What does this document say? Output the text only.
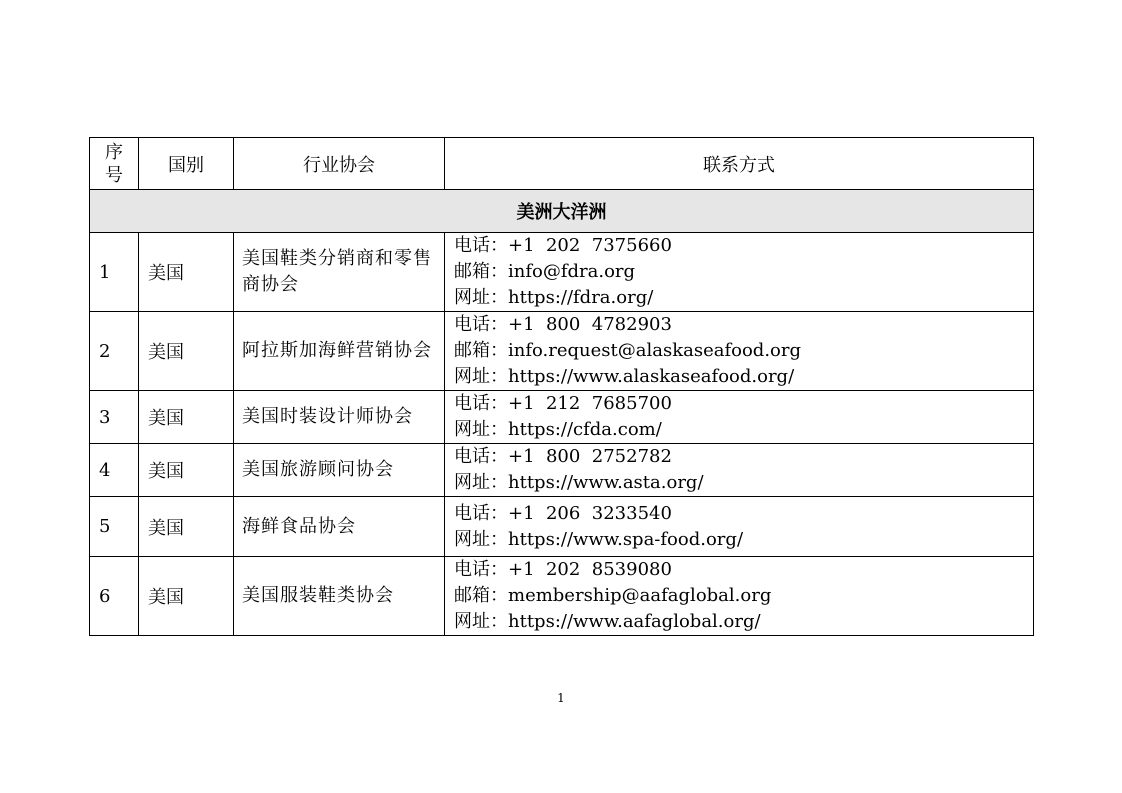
序
号	国别	行业协会	联系方式
美洲大洋洲			
1	美国	美国鞋类分销商和零售商协会	电话：+1  202  7375660
邮箱：info@fdra.org
网址：https://fdra.org/

2	美国	阿拉斯加海鲜营销协会	电话：+1  800  4782903
邮箱：info.request@alaskaseafood.org
网址：https://www.alaskaseafood.org/

3	美国	美国时装设计师协会	电话：+1  212  7685700
网址：https://cfda.com/

4	美国	美国旅游顾问协会	电话：+1  800  2752782
网址：https://www.asta.org/

5	美国	海鲜食品协会	电话：+1  206  3233540
网址：https://www.spa-food.org/

6	美国	美国服装鞋类协会	电话：+1  202  8539080
邮箱：membership@aafaglobal.org
网址：https://www.aafaglobal.org/
1
